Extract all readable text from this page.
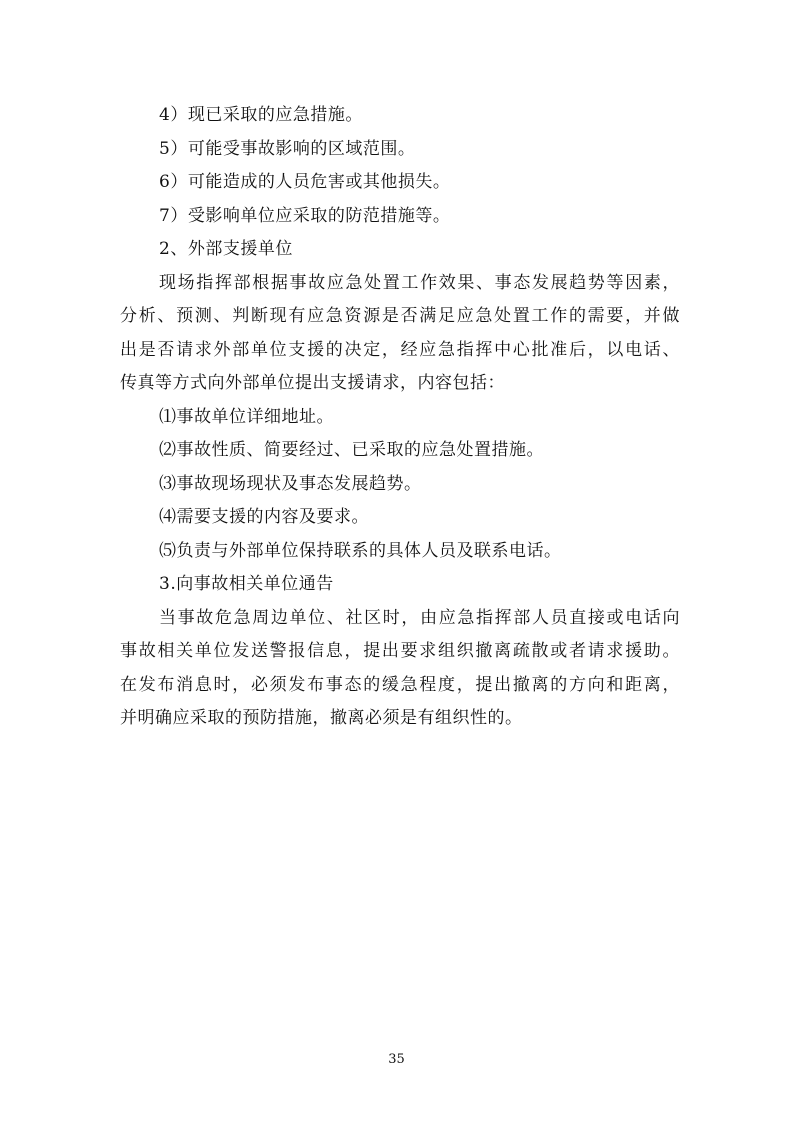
4）现已采取的应急措施。
5）可能受事故影响的区域范围。
6）可能造成的人员危害或其他损失。
7）受影响单位应采取的防范措施等。
2、外部支援单位
现场指挥部根据事故应急处置工作效果、事态发展趋势等因素，
分析、预测、判断现有应急资源是否满足应急处置工作的需要，并做
出是否请求外部单位支援的决定，经应急指挥中心批准后，以电话、
传真等方式向外部单位提出支援请求，内容包括：
⑴事故单位详细地址。
⑵事故性质、简要经过、已采取的应急处置措施。
⑶事故现场现状及事态发展趋势。
⑷需要支援的内容及要求。
⑸负责与外部单位保持联系的具体人员及联系电话。
3.向事故相关单位通告
当事故危急周边单位、社区时，由应急指挥部人员直接或电话向
事故相关单位发送警报信息，提出要求组织撤离疏散或者请求援助。
在发布消息时，必须发布事态的缓急程度，提出撤离的方向和距离，
并明确应采取的预防措施，撤离必须是有组织性的。
35
